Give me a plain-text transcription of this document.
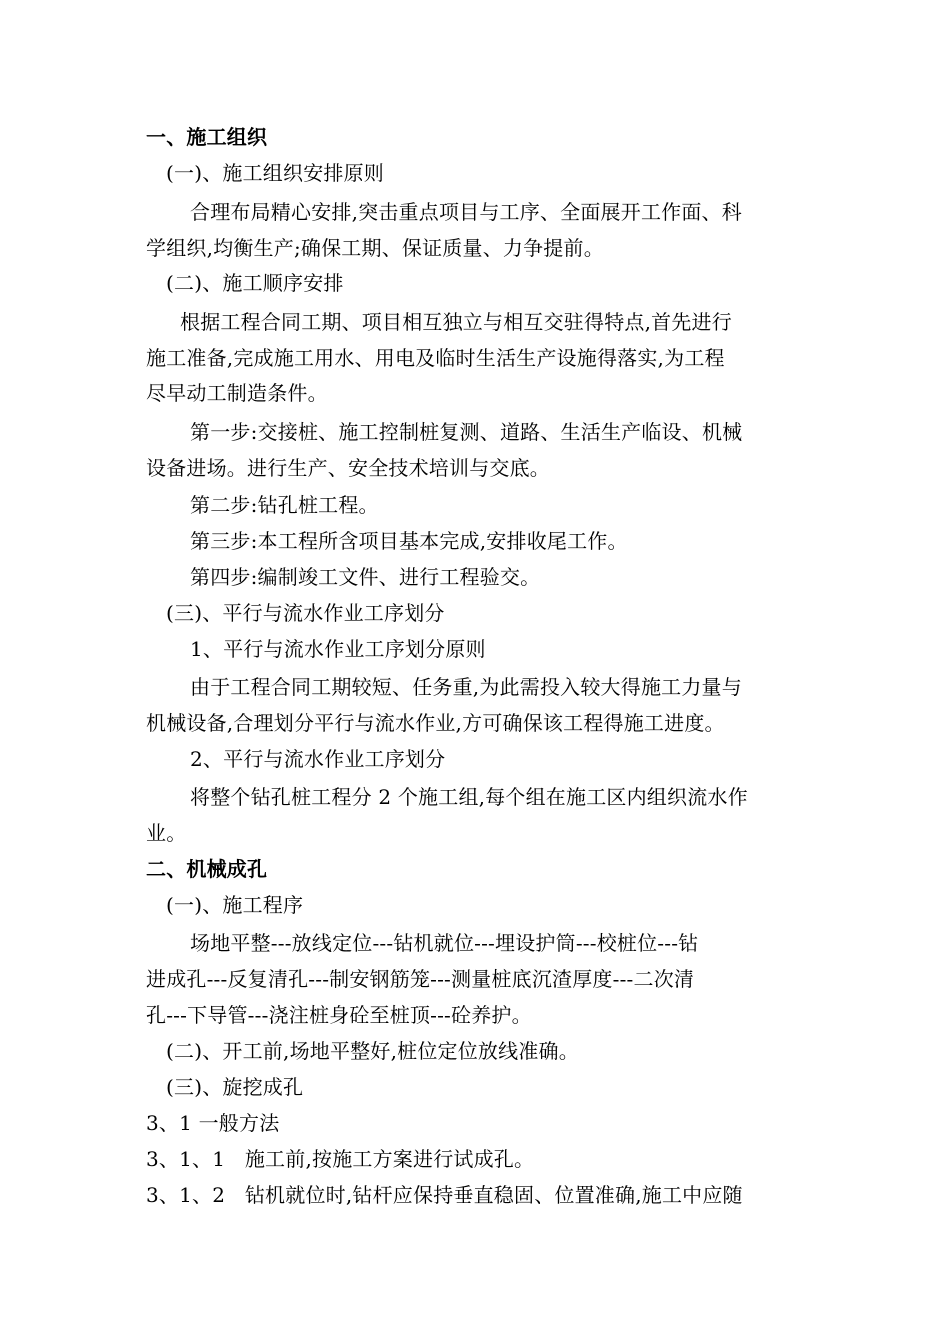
一、施工组织
(一)、施工组织安排原则
合理布局精心安排,突击重点项目与工序、全面展开工作面、科
学组织,均衡生产;确保工期、保证质量、力争提前。
(二)、施工顺序安排
根据工程合同工期、项目相互独立与相互交驻得特点,首先进行
施工准备,完成施工用水、用电及临时生活生产设施得落实,为工程
尽早动工制造条件。
第一步:交接桩、施工控制桩复测、道路、生活生产临设、机械
设备进场。进行生产、安全技术培训与交底。
第二步:钻孔桩工程。
第三步:本工程所含项目基本完成,安排收尾工作。
第四步:编制竣工文件、进行工程验交。
(三)、平行与流水作业工序划分
1、平行与流水作业工序划分原则
由于工程合同工期较短、任务重,为此需投入较大得施工力量与
机械设备,合理划分平行与流水作业,方可确保该工程得施工进度。
2、平行与流水作业工序划分
将整个钻孔桩工程分 2 个施工组,每个组在施工区内组织流水作
业。
二、机械成孔
(一)、施工程序
场地平整---放线定位---钻机就位---埋设护筒---校桩位---钻
进成孔---反复清孔---制安钢筋笼---测量桩底沉渣厚度---二次清
孔---下导管---浇注桩身砼至桩顶---砼养护。
(二)、开工前,场地平整好,桩位定位放线准确。
(三)、旋挖成孔
3、1 一般方法
3、1、1   施工前,按施工方案进行试成孔。
3、1、2   钻机就位时,钻杆应保持垂直稳固、位置准确,施工中应随
